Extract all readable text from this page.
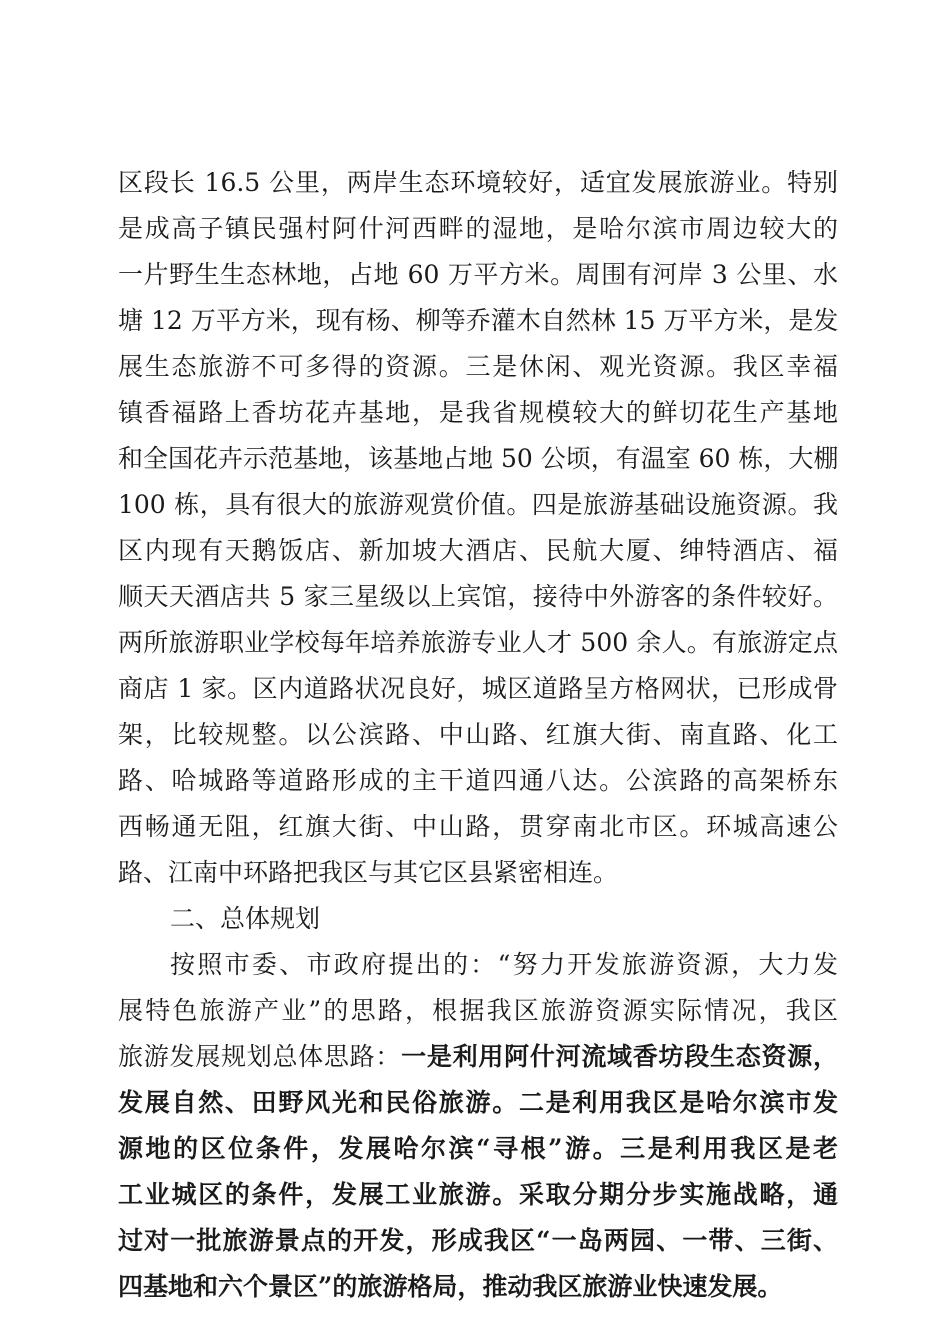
区段长 16.5 公里，两岸生态环境较好，适宜发展旅游业。特别
是成高子镇民强村阿什河西畔的湿地，是哈尔滨市周边较大的
一片野生生态林地，占地 60 万平方米。周围有河岸 3 公里、水
塘 12 万平方米，现有杨、柳等乔灌木自然林 15 万平方米，是发
展生态旅游不可多得的资源。三是休闲、观光资源。我区幸福
镇香福路上香坊花卉基地，是我省规模较大的鲜切花生产基地
和全国花卉示范基地，该基地占地 50 公顷，有温室 60 栋，大棚
100 栋，具有很大的旅游观赏价值。四是旅游基础设施资源。我
区内现有天鹅饭店、新加坡大酒店、民航大厦、绅特酒店、福
顺天天酒店共 5 家三星级以上宾馆，接待中外游客的条件较好。
两所旅游职业学校每年培养旅游专业人才 500 余人。有旅游定点
商店 1 家。区内道路状况良好，城区道路呈方格网状，已形成骨
架，比较规整。以公滨路、中山路、红旗大街、南直路、化工
路、哈城路等道路形成的主干道四通八达。公滨路的高架桥东
西畅通无阻，红旗大街、中山路，贯穿南北市区。环城高速公
路、江南中环路把我区与其它区县紧密相连。
二、总体规划
按照市委、市政府提出的：“努力开发旅游资源，大力发
展特色旅游产业”的思路，根据我区旅游资源实际情况，我区
旅游发展规划总体思路：一是利用阿什河流域香坊段生态资源，
发展自然、田野风光和民俗旅游。二是利用我区是哈尔滨市发
源地的区位条件，发展哈尔滨“寻根”游。三是利用我区是老
工业城区的条件，发展工业旅游。采取分期分步实施战略，通
过对一批旅游景点的开发，形成我区“一岛两园、一带、三街、
四基地和六个景区”的旅游格局，推动我区旅游业快速发展。
